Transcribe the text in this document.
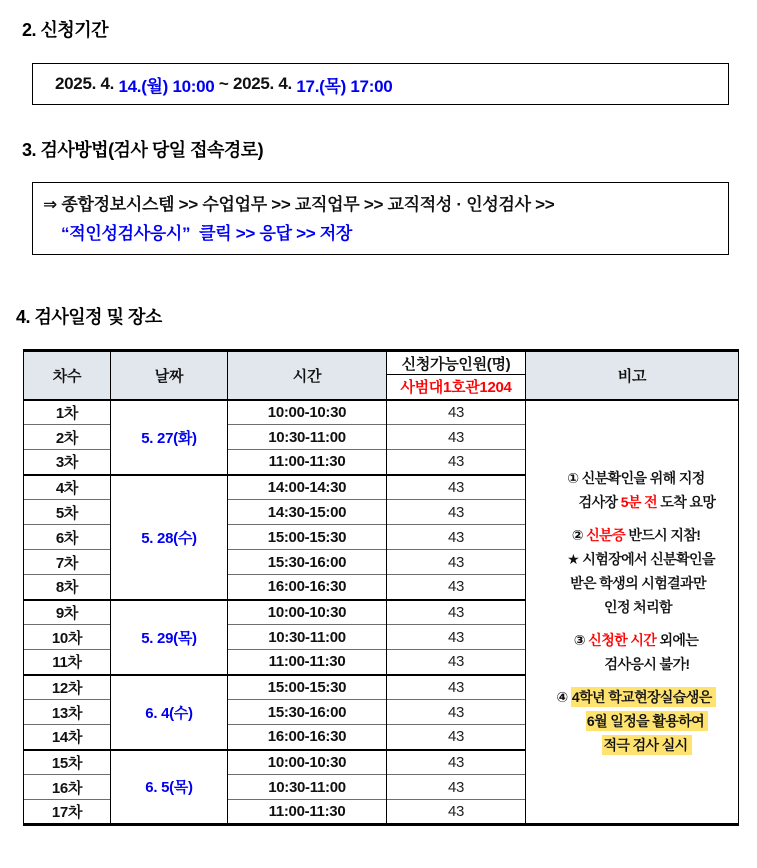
2. 신청기간
2025. 4. 14.(월) 10:00 ~ 2025. 4. 17.(목) 17:00
3. 검사방법(검사 당일 접속경로)
⇒ 종합정보시스템 >> 수업업무 >> 교직업무 >> 교직적성 · 인성검사 >>
“적인성검사응시”  클릭 >> 응답 >> 저장
4. 검사일정 및 장소
차수	날짜	시간	신청가능인원(명)	비고
			사범대1호관1204	
1차	5. 27(화)	10:00-10:30	43	
① 신분확인을 위해 지정
검사장 5분 전 도착 요망
② 신분증 반드시 지참!
★ 시험장에서 신분확인을
받은 학생의 시험결과만
인정 처리함
③ 신청한 시간 외에는
검사응시 불가!
④ 4학년 학교현장실습생은
6월 일정을 활용하여
적극 검사 실시

2차		10:30-11:00	43	
3차		11:00-11:30	43	
4차	5. 28(수)	14:00-14:30	43	
5차		14:30-15:00	43	
6차		15:00-15:30	43	
7차		15:30-16:00	43	
8차		16:00-16:30	43	
9차	5. 29(목)	10:00-10:30	43	
10차		10:30-11:00	43	
11차		11:00-11:30	43	
12차	6. 4(수)	15:00-15:30	43	
13차		15:30-16:00	43	
14차		16:00-16:30	43	
15차	6. 5(목)	10:00-10:30	43	
16차		10:30-11:00	43	
17차		11:00-11:30	43	
